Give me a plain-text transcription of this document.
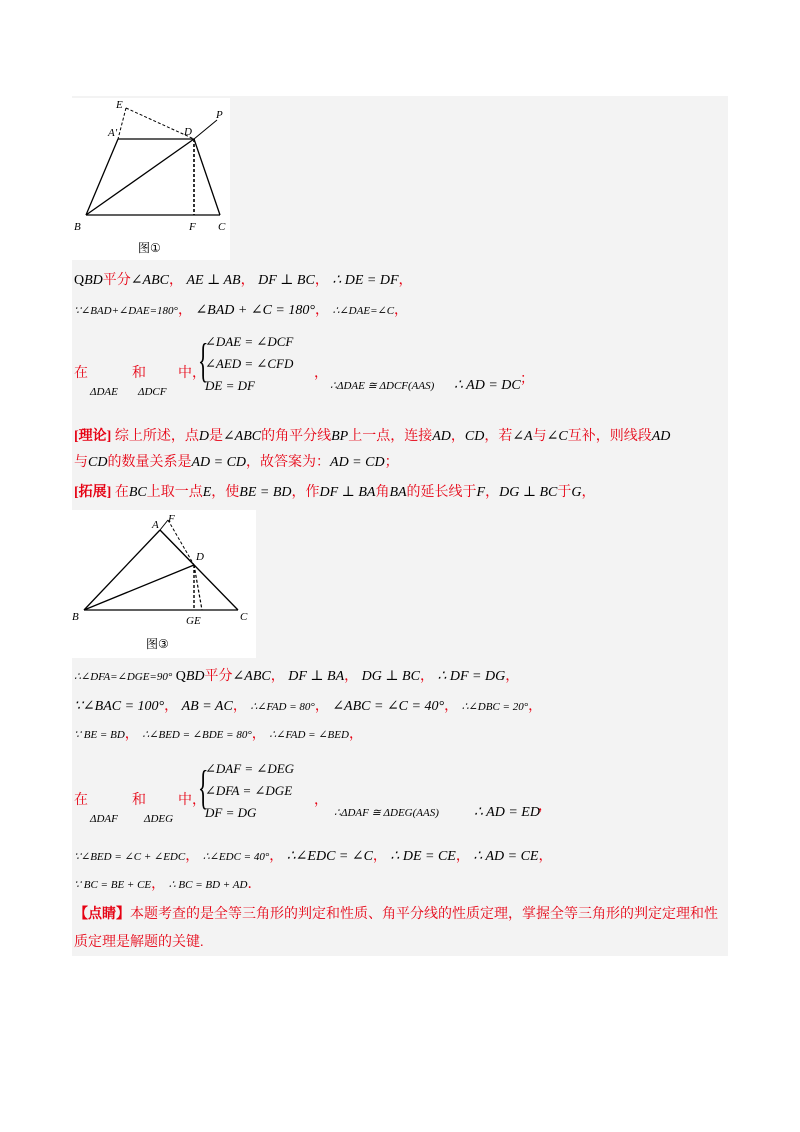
E
A'	D
P
B	F C
图①
QBD平分∠ABC， AE ⊥ AB， DF ⊥ BC， ∴ DE = DF，
∵∠BAD+∠DAE=180°， ∠BAD + ∠C = 180°， ∴∠DAE=∠C，
在	和 中，
ΔDAE ΔDCF
{
∠DAE = ∠DCF
∠AED = ∠CFD
DE = DF
，
∴ΔDAE ≅ ΔDCF(AAS) ∴ AD = DC ；
[理论] 综上所述，点D是∠ABC的角平分线BP上一点，连接AD，CD，若∠A与∠C互补，则线段AD
与CD的数量关系是AD = CD，故答案为：AD = CD；
[拓展] 在BC上取一点E，使BE = BD，作DF ⊥ BA角BA的延长线于F，DG ⊥ BC于G，
A F
D
B	GE	C
图③
∴∠DFA=∠DGE=90° QBD平分∠ABC， DF ⊥ BA， DG ⊥ BC， ∴ DF = DG，
∵∠BAC = 100°， AB = AC， ∴∠FAD = 80°， ∠ABC = ∠C = 40°， ∴∠DBC = 20°，
∵ BE = BD， ∴∠BED = ∠BDE = 80°， ∴∠FAD = ∠BED，
在	和 中，
ΔDAF ΔDEG
{
∠DAF = ∠DEG
∠DFA = ∠DGE
DF = DG
，
∴ΔDAF ≅ ΔDEG(AAS)	∴ AD = ED
，
∵∠BED = ∠C + ∠EDC， ∴∠EDC = 40°， ∴∠EDC = ∠C， ∴ DE = CE， ∴ AD = CE，
∵ BC = BE + CE， ∴ BC = BD + AD．
【点睛】本题考查的是全等三角形的判定和性质、角平分线的性质定理，掌握全等三角形的判定定理和性
质定理是解题的关键.
